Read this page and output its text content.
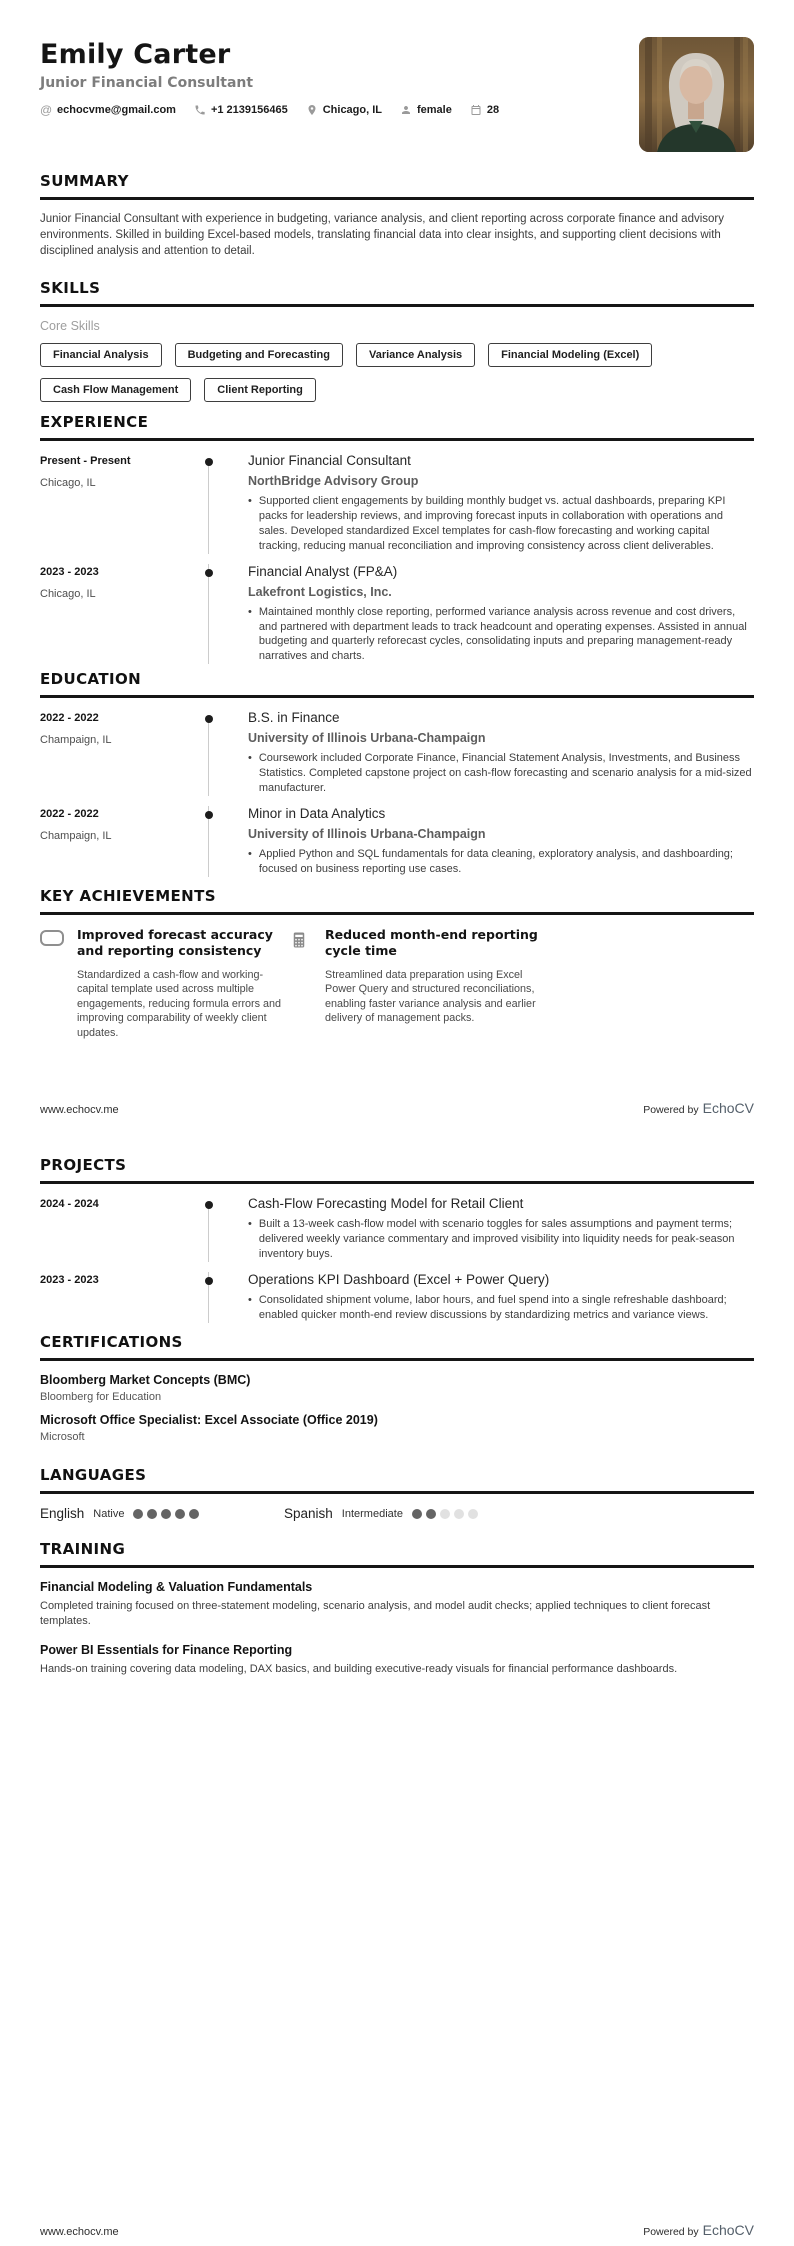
Emily Carter
Junior Financial Consultant
@ echocvme@gmail.com	+1 2139156465	Chicago, IL	female	28
SUMMARY

Junior Financial Consultant with experience in budgeting, variance analysis, and client reporting across corporate finance and advisory environments. Skilled in building Excel-based models, translating financial data into clear insights, and supporting client decisions with disciplined analysis and attention to detail.

SKILLS
Core Skills
Financial Analysis	Budgeting and Forecasting	Variance Analysis	Financial Modeling (Excel)
Cash Flow Management	Client Reporting
EXPERIENCE
Present - Present
Chicago, IL
Junior Financial Consultant
NorthBridge Advisory Group
• Supported client engagements by building monthly budget vs. actual dashboards, preparing KPI packs for leadership reviews, and improving forecast inputs in collaboration with operations and sales. Developed standardized Excel templates for cash-flow forecasting and working capital tracking, reducing manual reconciliation and improving consistency across client deliverables.
2023 - 2023
Chicago, IL
Financial Analyst (FP&A)
Lakefront Logistics, Inc.
• Maintained monthly close reporting, performed variance analysis across revenue and cost drivers, and partnered with department leads to track headcount and operating expenses. Assisted in annual budgeting and quarterly reforecast cycles, consolidating inputs and preparing management-ready narratives and charts.
EDUCATION
2022 - 2022
Champaign, IL
B.S. in Finance
University of Illinois Urbana-Champaign
• Coursework included Corporate Finance, Financial Statement Analysis, Investments, and Business Statistics. Completed capstone project on cash-flow forecasting and scenario analysis for a mid-sized manufacturer.
2022 - 2022
Champaign, IL
Minor in Data Analytics
University of Illinois Urbana-Champaign
• Applied Python and SQL fundamentals for data cleaning, exploratory analysis, and dashboarding; focused on business reporting use cases.
KEY ACHIEVEMENTS
Improved forecast accuracy and reporting consistency
Standardized a cash-flow and working-capital template used across multiple engagements, reducing formula errors and improving comparability of weekly client updates.
Reduced month-end reporting cycle time
Streamlined data preparation using Excel Power Query and structured reconciliations, enabling faster variance analysis and earlier delivery of management packs.
www.echocv.me	Powered by EchoCV
PROJECTS
2024 - 2024	Cash-Flow Forecasting Model for Retail Client
• Built a 13-week cash-flow model with scenario toggles for sales assumptions and payment terms; delivered weekly variance commentary and improved visibility into liquidity needs for peak-season inventory buys.
2023 - 2023	Operations KPI Dashboard (Excel + Power Query)
• Consolidated shipment volume, labor hours, and fuel spend into a single refreshable dashboard; enabled quicker month-end review discussions by standardizing metrics and variance views.
CERTIFICATIONS
Bloomberg Market Concepts (BMC)
Bloomberg for Education
Microsoft Office Specialist: Excel Associate (Office 2019)
Microsoft
LANGUAGES
English Native	Spanish Intermediate
TRAINING
Financial Modeling & Valuation Fundamentals
Completed training focused on three-statement modeling, scenario analysis, and model audit checks; applied techniques to client forecast templates.
Power BI Essentials for Finance Reporting
Hands-on training covering data modeling, DAX basics, and building executive-ready visuals for financial performance dashboards.
www.echocv.me	Powered by EchoCV
